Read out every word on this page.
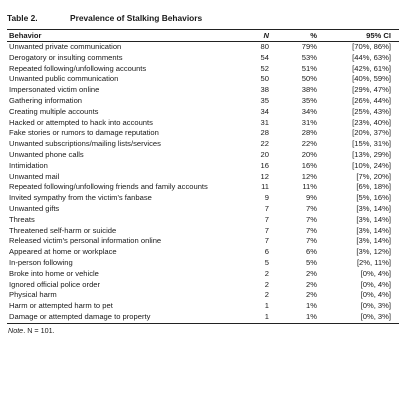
Table 2.	Prevalence of Stalking Behaviors
Behavior	N	%	95% CI
Unwanted private communication	80	79%	[70%, 86%]
Derogatory or insulting comments	54	53%	[44%, 63%]
Repeated following/unfollowing accounts	52	51%	[42%, 61%]
Unwanted public communication	50	50%	[40%, 59%]
Impersonated victim online	38	38%	[29%, 47%]
Gathering information	35	35%	[26%, 44%]
Creating multiple accounts	34	34%	[25%, 43%]
Hacked or attempted to hack into accounts	31	31%	[23%, 40%]
Fake stories or rumors to damage reputation	28	28%	[20%, 37%]
Unwanted subscriptions/mailing lists/services	22	22%	[15%, 31%]
Unwanted phone calls	20	20%	[13%, 29%]
Intimidation	16	16%	[10%, 24%]
Unwanted mail	12	12%	[7%, 20%]
Repeated following/unfollowing friends and family accounts	11	11%	[6%, 18%]
Invited sympathy from the victim's fanbase	9	9%	[5%, 16%]
Unwanted gifts	7	7%	[3%, 14%]
Threats	7	7%	[3%, 14%]
Threatened self-harm or suicide	7	7%	[3%, 14%]
Released victim's personal information online	7	7%	[3%, 14%]
Appeared at home or workplace	6	6%	[3%, 12%]
In-person following	5	5%	[2%, 11%]
Broke into home or vehicle	2	2%	[0%, 4%]
Ignored official police order	2	2%	[0%, 4%]
Physical harm	2	2%	[0%, 4%]
Harm or attempted harm to pet	1	1%	[0%, 3%]
Damage or attempted damage to property	1	1%	[0%, 3%]
Note. N = 101.
